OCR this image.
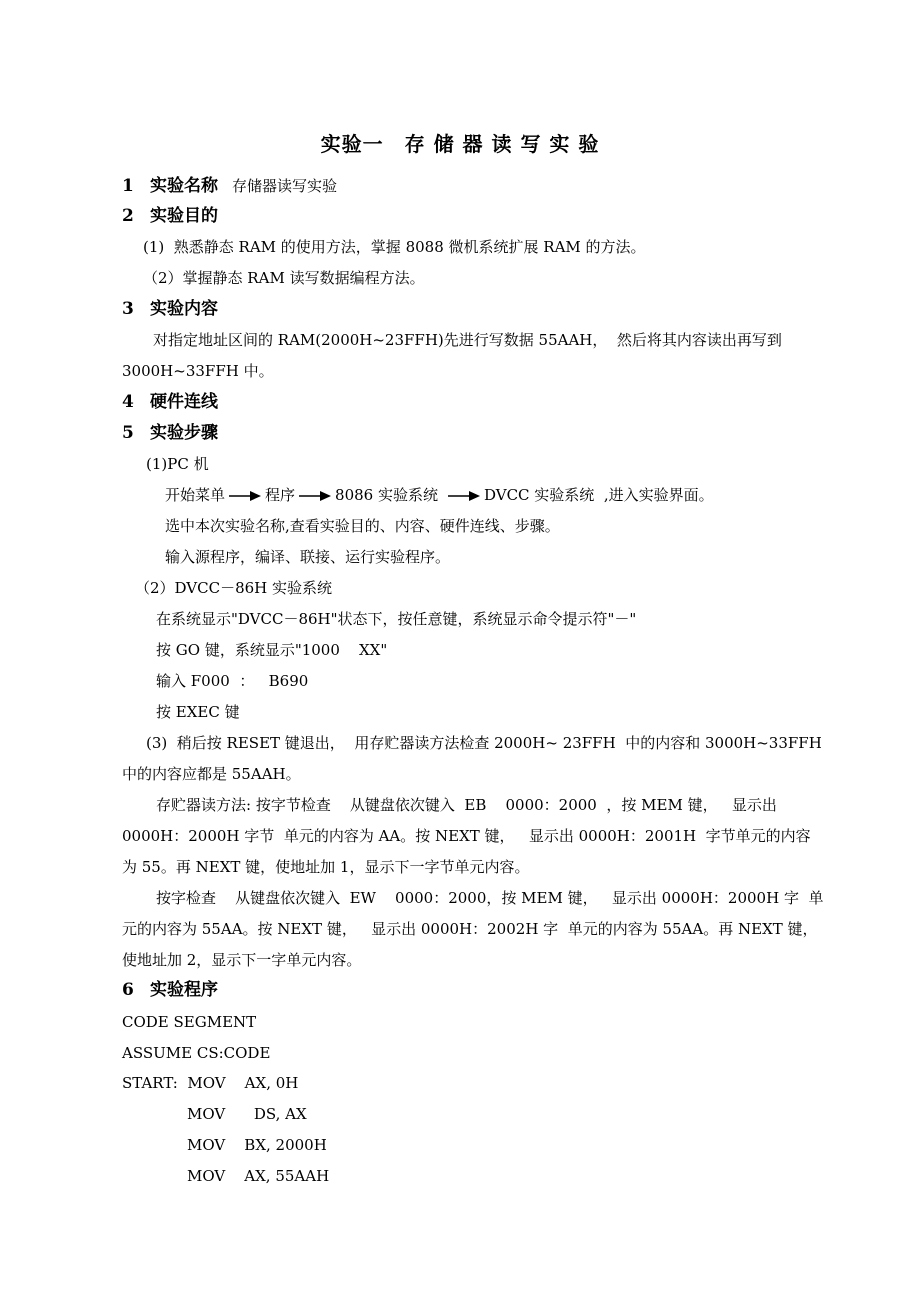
实验一　存 储 器 读 写 实 验
1 实验名称 存储器读写实验
2 实验目的
(1)  熟悉静态 RAM 的使用方法，掌握 8088 微机系统扩展 RAM 的方法。
（2）掌握静态 RAM 读写数据编程方法。
3 实验内容
对指定地址区间的 RAM(2000H~23FFH)先进行写数据 55AAH，  然后将其内容读出再写到
3000H~33FFH 中。
4 硬件连线
5 实验步骤
(1)PC 机
开始菜单	程序	8086 实验系统	DVCC 实验系统  ,进入实验界面。
选中本次实验名称,查看实验目的、内容、硬件连线、步骤。
输入源程序，编译、联接、运行实验程序。
（2）DVCC－86H 实验系统
在系统显示"DVCC－86H"状态下，按任意键，系统显示命令提示符"－"
按 GO 键，系统显示"1000    XX"
输入 F000  ：   B690
按 EXEC 键
(3)  稍后按 RESET 键退出，  用存贮器读方法检查 2000H~ 23FFH  中的内容和 3000H~33FFH
中的内容应都是 55AAH。
存贮器读方法: 按字节检查    从键盘依次键入  EB    0000：2000  ，按 MEM 键，   显示出
0000H：2000H 字节  单元的内容为 AA。按 NEXT 键，   显示出 0000H：2001H  字节单元的内容
为 55。再 NEXT 键，使地址加 1，显示下一字节单元内容。
按字检查    从键盘依次键入  EW    0000：2000，按 MEM 键，   显示出 0000H：2000H 字  单
元的内容为 55AA。按 NEXT 键，   显示出 0000H：2002H 字  单元的内容为 55AA。再 NEXT 键，
使地址加 2，显示下一字单元内容。
6 实验程序
CODE SEGMENT
ASSUME CS:CODE
START:  MOV    AX, 0H
MOV      DS, AX
MOV    BX, 2000H
MOV    AX, 55AAH
